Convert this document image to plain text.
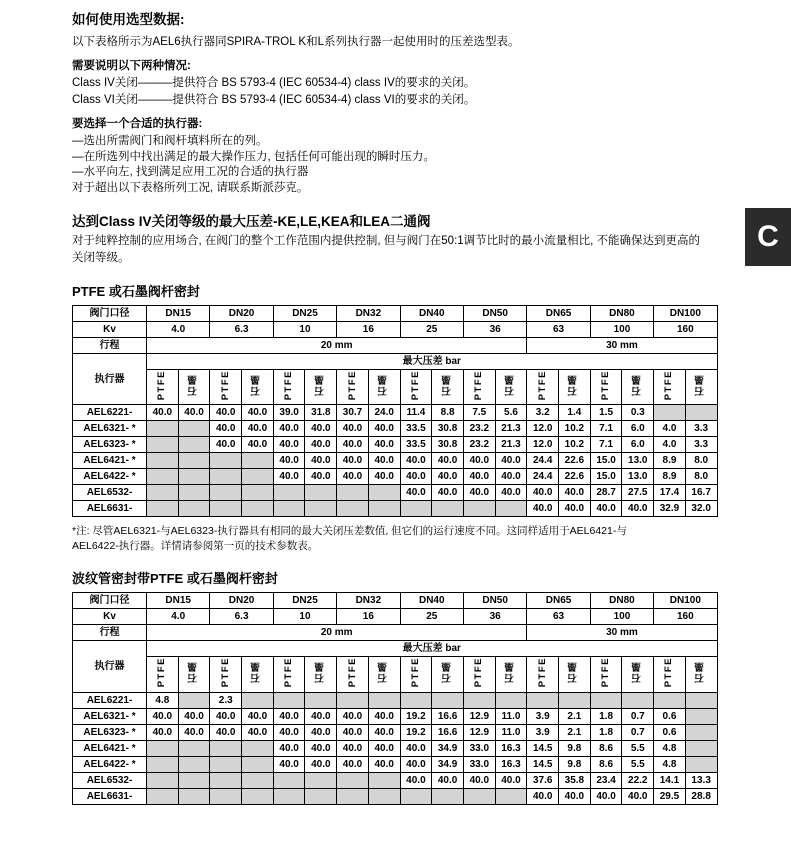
C
如何使用选型数据:

以下表格所示为AEL6执行器同SPIRA-TROL K和L系列执行器一起使用时的压差选型表。

需要说明以下两种情况:

Class IV关闭———提供符合 BS 5793-4 (IEC 60534-4) class IV的要求的关闭。

Class VI关闭———提供符合 BS 5793-4 (IEC 60534-4) class VI的要求的关闭。

要选择一个合适的执行器:

—选出所需阀门和阀杆填料所在的列。

—在所选列中找出满足的最大操作压力, 包括任何可能出现的瞬时压力。

—水平向左, 找到满足应用工况的合适的执行器

对于超出以下表格所列工况, 请联系斯派莎克。

达到Class IV关闭等级的最大压差-KE,LE,KEA和LEA二通阀

对于纯粹控制的应用场合, 在阀门的整个工作范围内提供控制, 但与阀门在50:1调节比时的最小流量相比, 不能确保达到更高的

关闭等级。

PTFE 或石墨阀杆密封
阀门口径	DN15		DN20		DN25		DN32		DN40		DN50		DN65		DN80		DN100	
Kv	4.0		6.3		10		16		25		36		63		100		160	
行程	20 mm												30 mm					
执行器	最大压差 bar																	
	PTFE	石墨	PTFE	石墨	PTFE	石墨	PTFE	石墨	PTFE	石墨	PTFE	石墨	PTFE	石墨	PTFE	石墨	PTFE	石墨
AEL6221-	40.0	40.0	40.0	40.0	39.0	31.8	30.7	24.0	11.4	8.8	7.5	5.6	3.2	1.4	1.5	0.3		
AEL6321- *			40.0	40.0	40.0	40.0	40.0	40.0	33.5	30.8	23.2	21.3	12.0	10.2	7.1	6.0	4.0	3.3
AEL6323- *			40.0	40.0	40.0	40.0	40.0	40.0	33.5	30.8	23.2	21.3	12.0	10.2	7.1	6.0	4.0	3.3
AEL6421- *					40.0	40.0	40.0	40.0	40.0	40.0	40.0	40.0	24.4	22.6	15.0	13.0	8.9	8.0
AEL6422- *					40.0	40.0	40.0	40.0	40.0	40.0	40.0	40.0	24.4	22.6	15.0	13.0	8.9	8.0
AEL6532-									40.0	40.0	40.0	40.0	40.0	40.0	28.7	27.5	17.4	16.7
AEL6631-													40.0	40.0	40.0	40.0	32.9	32.0

*注: 尽管AEL6321-与AEL6323-执行器具有相同的最大关闭压差数值, 但它们的运行速度不同。这同样适用于AEL6421-与

AEL6422-执行器。详情请参阅第一页的技术参数表。

波纹管密封带PTFE 或石墨阀杆密封
阀门口径	DN15		DN20		DN25		DN32		DN40		DN50		DN65		DN80		DN100	
Kv	4.0		6.3		10		16		25		36		63		100		160	
行程	20 mm												30 mm					
执行器	最大压差 bar																	
	PTFE	石墨	PTFE	石墨	PTFE	石墨	PTFE	石墨	PTFE	石墨	PTFE	石墨	PTFE	石墨	PTFE	石墨	PTFE	石墨
AEL6221-	4.8		2.3															
AEL6321- *	40.0	40.0	40.0	40.0	40.0	40.0	40.0	40.0	19.2	16.6	12.9	11.0	3.9	2.1	1.8	0.7	0.6	
AEL6323- *	40.0	40.0	40.0	40.0	40.0	40.0	40.0	40.0	19.2	16.6	12.9	11.0	3.9	2.1	1.8	0.7	0.6	
AEL6421- *					40.0	40.0	40.0	40.0	40.0	34.9	33.0	16.3	14.5	9.8	8.6	5.5	4.8	
AEL6422- *					40.0	40.0	40.0	40.0	40.0	34.9	33.0	16.3	14.5	9.8	8.6	5.5	4.8	
AEL6532-									40.0	40.0	40.0	40.0	37.6	35.8	23.4	22.2	14.1	13.3
AEL6631-													40.0	40.0	40.0	40.0	29.5	28.8
